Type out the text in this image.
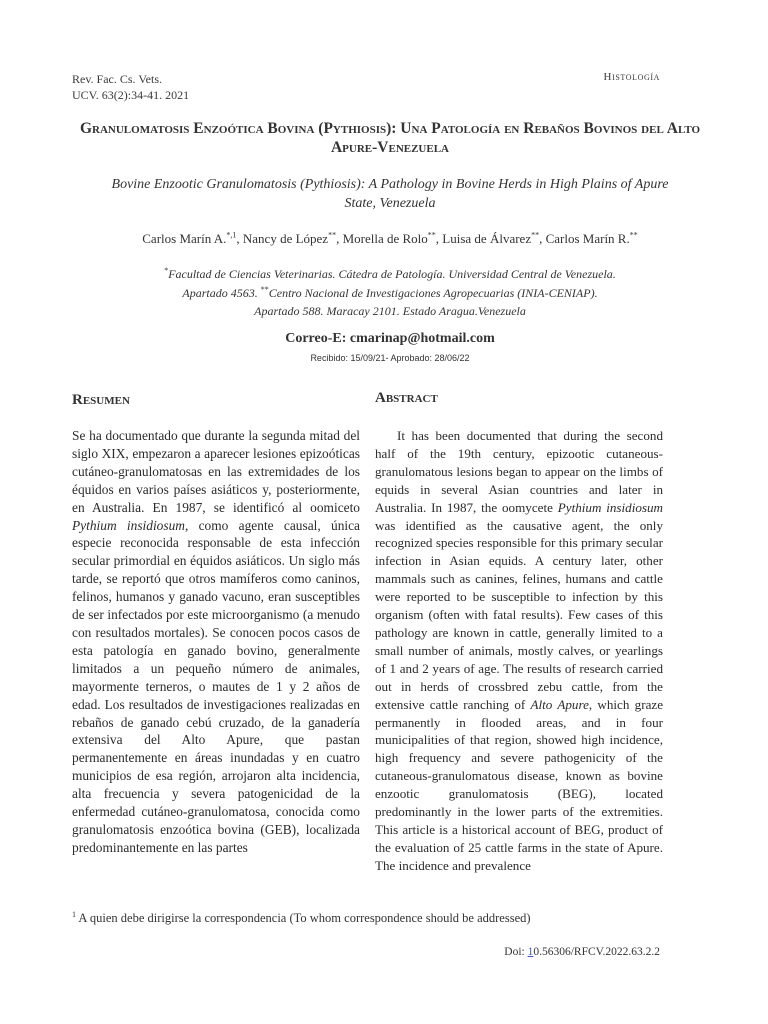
Rev. Fac. Cs. Vets.
UCV. 63(2):34-41. 2021
Histología
Granulomatosis Enzoótica Bovina (Pythiosis): Una Patología en Rebaños Bovinos del Alto Apure-Venezuela
Bovine Enzootic Granulomatosis (Pythiosis): A Pathology in Bovine Herds in High Plains of Apure State, Venezuela
Carlos Marín A.$^{*,1}$, Nancy de López**, Morella de Rolo**, Luisa de Álvarez**, Carlos Marín R.**
*Facultad de Ciencias Veterinarias. Cátedra de Patología. Universidad Central de Venezuela.
Apartado 4563. **Centro Nacional de Investigaciones Agropecuarias (INIA-CENIAP).
Apartado 588. Maracay 2101. Estado Aragua.Venezuela
Correo-E: cmarinap@hotmail.com
Recibido: 15/09/21- Aprobado: 28/06/22
Resumen	Abstract

Se ha documentado que durante la segunda mitad del siglo XIX, empezaron a aparecer lesiones epizoóticas cutáneo-granulomatosas en las extremidades de los équidos en varios países asiáticos y, posteriormente, en Australia. En 1987, se identificó al oomiceto Pythium insidiosum, como agente causal, única especie reconocida responsable de esta infección secular primordial en équidos asiáticos. Un siglo más tarde, se reportó que otros mamíferos como caninos, felinos, humanos y ganado vacuno, eran susceptibles de ser infectados por este microorganismo (a menudo con resultados mortales). Se conocen pocos casos de esta patología en ganado bovino, generalmente limitados a un pequeño número de animales, mayormente terneros, o mautes de 1 y 2 años de edad. Los resultados de investigaciones realizadas en rebaños de ganado cebú cruzado, de la ganadería extensiva del Alto Apure, que pastan permanentemente en áreas inundadas y en cuatro municipios de esa región, arrojaron alta incidencia, alta frecuencia y severa patogenicidad de la enfermedad cutáneo-granulomatosa, conocida como granulomatosis enzoótica bovina (GEB), localizada predominantemente en las partes

It has been documented that during the second half of the 19th century, epizootic cutaneous-granulomatous lesions began to appear on the limbs of equids in several Asian countries and later in Australia. In 1987, the oomycete Pythium insidiosum was identified as the causative agent, the only recognized species responsible for this primary secular infection in Asian equids. A century later, other mammals such as canines, felines, humans and cattle were reported to be susceptible to infection by this organism (often with fatal results). Few cases of this pathology are known in cattle, generally limited to a small number of animals, mostly calves, or yearlings of 1 and 2 years of age. The results of research carried out in herds of crossbred zebu cattle, from the extensive cattle ranching of Alto Apure, which graze permanently in flooded areas, and in four municipalities of that region, showed high incidence, high frequency and severe pathogenicity of the cutaneous-granulomatous disease, known as bovine enzootic granulomatosis (BEG), located predominantly in the lower parts of the extremities. This article is a historical account of BEG, product of the evaluation of 25 cattle farms in the state of Apure. The incidence and prevalence

$^1$ A quien debe dirigirse la correspondencia (To whom correspondence should be addressed)
Doi: 10.56306/RFCV.2022.63.2.2
